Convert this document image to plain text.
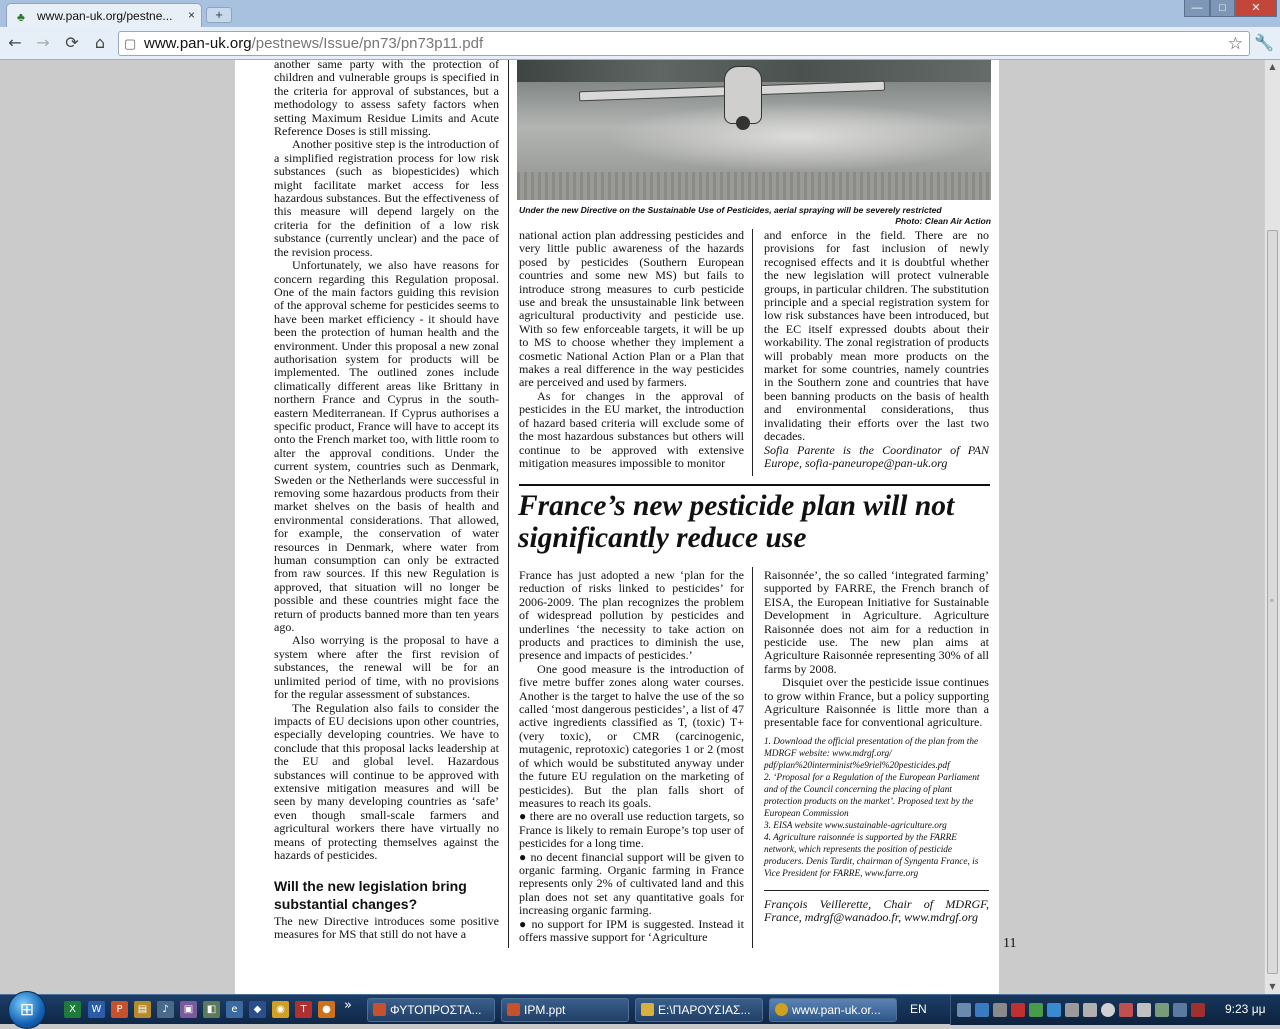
♣ www.pan-uk.org/pestne... ×	+	—	□	✕
← → ⟳	⌂	▢ www.pan-uk.org/pestnews/Issue/pn73/pn73p11.pdf	☆ 🔧

another same party with the protection of children and vulnerable groups is specified in the criteria for approval of substances, but a methodology to assess safety factors when setting Maximum Residue Limits and Acute Reference Doses is still missing.

Another positive step is the introduction of a simplified registration process for low risk substances (such as biopesticides) which might facilitate market access for less hazardous substances. But the effectiveness of this measure will depend largely on the criteria for the definition of a low risk substance (currently unclear) and the pace of the revision process.

Unfortunately, we also have reasons for concern regarding this Regulation proposal. One of the main factors guiding this revision of the approval scheme for pesticides seems to have been market efficiency - it should have been the protection of human health and the environment. Under this proposal a new zonal authorisation system for products will be implemented. The outlined zones include climatically different areas like Brittany in northern France and Cyprus in the south-eastern Mediterranean. If Cyprus authorises a specific product, France will have to accept its onto the French market too, with little room to alter the approval conditions. Under the current system, countries such as Denmark, Sweden or the Netherlands were successful in removing some hazardous products from their market shelves on the basis of health and environmental considerations. That allowed, for example, the conservation of water resources in Denmark, where water from human consumption can only be extracted from raw sources. If this new Regulation is approved, that situation will no longer be possible and these countries might face the return of products banned more than ten years ago.

Also worrying is the proposal to have a system where after the first revision of substances, the renewal will be for an unlimited period of time, with no provisions for the regular assessment of substances.

The Regulation also fails to consider the impacts of EU decisions upon other countries, especially developing countries. We have to conclude that this proposal lacks leadership at the EU and global level. Hazardous substances will continue to be approved with extensive mitigation measures and will be seen by many developing countries as ‘safe’ even though small-scale farmers and agricultural workers there have virtually no means of protecting themselves against the hazards of pesticides.

Will the new legislation bring substantial changes?

The new Directive introduces some positive measures for MS that still do not have a

Under the new Directive on the Sustainable Use of Pesticides, aerial spraying will be severely restricted
Photo: Clean Air Action

national action plan addressing pesticides and very little public awareness of the hazards posed by pesticides (Southern European countries and some new MS) but fails to introduce strong measures to curb pesticide use and break the unsustainable link between agricultural productivity and pesticide use. With so few enforceable targets, it will be up to MS to choose whether they implement a cosmetic National Action Plan or a Plan that makes a real difference in the way pesticides are perceived and used by farmers.

As for changes in the approval of pesticides in the EU market, the introduction of hazard based criteria will exclude some of the most hazardous substances but others will continue to be approved with extensive mitigation measures impossible to monitor

and enforce in the field. There are no provisions for fast inclusion of newly recognised effects and it is doubtful whether the new legislation will protect vulnerable groups, in particular children. The substitution principle and a special registration system for low risk substances have been introduced, but the EC itself expressed doubts about their workability. The zonal registration of products will probably mean more products on the market for some countries, namely countries in the Southern zone and countries that have been banning products on the basis of health and environmental considerations, thus invalidating their efforts over the last two decades.

Sofia Parente is the Coordinator of PAN Europe, sofia-paneurope@pan-uk.org

France’s new pesticide plan will not significantly reduce use

France has just adopted a new ‘plan for the reduction of risks linked to pesticides’ for 2006-2009. The plan recognizes the problem of widespread pollution by pesticides and underlines ‘the necessity to take action on products and practices to diminish the use, presence and impacts of pesticides.’

One good measure is the introduction of five metre buffer zones along water courses. Another is the target to halve the use of the so called ‘most dangerous pesticides’, a list of 47 active ingredients classified as T, (toxic) T+ (very toxic), or CMR (carcinogenic, mutagenic, reprotoxic) categories 1 or 2 (most of which would be substituted anyway under the future EU regulation on the marketing of pesticides). But the plan falls short of measures to reach its goals.

● there are no overall use reduction targets, so France is likely to remain Europe’s top user of pesticides for a long time.

● no decent financial support will be given to organic farming. Organic farming in France represents only 2% of cultivated land and this plan does not set any quantitative goals for increasing organic farming.

● no support for IPM is suggested. Instead it offers massive support for ‘Agriculture

Raisonnée’, the so called ‘integrated farming’ supported by FARRE, the French branch of EISA, the European Initiative for Sustainable Development in Agriculture. Agriculture Raisonnée does not aim for a reduction in pesticide use. The new plan aims at Agriculture Raisonnée representing 30% of all farms by 2008.

Disquiet over the pesticide issue continues to grow within France, but a policy supporting Agriculture Raisonnée is little more than a presentable face for conventional agriculture.

1. Download the official presentation of the plan from the MDRGF website: www.mdrgf.org/ pdf/plan%20interminist%e9riel%20pesticides.pdf
2. ‘Proposal for a Regulation of the European Parliament and of the Council concerning the placing of plant protection products on the market’. Proposed text by the European Commission
3. EISA website www.sustainable-agriculture.org
4. Agriculture raisonnée is supported by the FARRE network, which represents the position of pesticide producers. Denis Tardit, chairman of Syngenta France, is Vice President for FARRE, www.farre.org
François Veillerette, Chair of MDRGF, France, mdrgf@wanadoo.fr, www.mdrgf.org
11
▲
≡
▼
⊞	X	W	P	▤	♪	▣	◧	e	◆	◉	T	●	»	ΦΥΤΟΠΡΟΣΤΑ...	IPM.ppt	E:\ΠΑΡΟΥΣΙΑΣ...	www.pan-uk.or...	EN	9:23 μμ
